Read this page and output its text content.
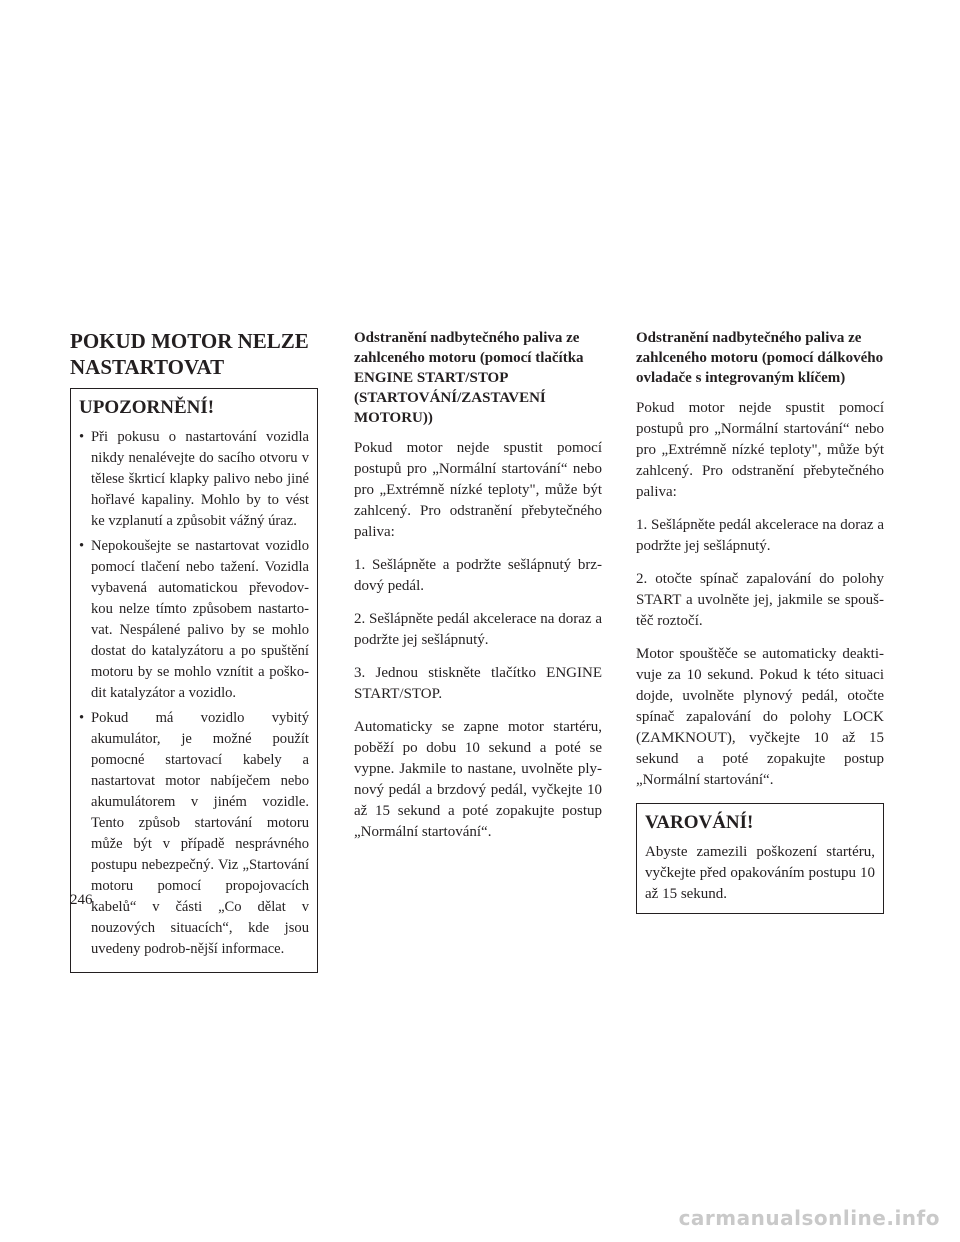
POKUD MOTOR NELZE
NASTARTOVAT
UPOZORNĚNÍ!
• Při pokusu o nastartování vozidla nikdy nenalévejte do sacího otvoru v tělese škrticí klapky palivo nebo jiné hořlavé kapaliny. Mohlo by to vést ke vzplanutí a způsobit vážný úraz.
• Nepokoušejte se nastartovat vozidlo pomocí tlačení nebo tažení. Vozidla vybavená automatickou převodov-kou nelze tímto způsobem nastarto-vat. Nespálené palivo by se mohlo dostat do katalyzátoru a po spuštění motoru by se mohlo vznítit a poško-dit katalyzátor a vozidlo.
• Pokud má vozidlo vybitý akumulátor, je možné použít pomocné startovací kabely a nastartovat motor nabíječem nebo akumulátorem v jiném vozidle. Tento způsob startování motoru může být v případě nesprávného postupu nebezpečný. Viz „Startování motoru pomocí propojovacích kabelů“ v části „Co dělat v nouzových situacích“, kde jsou uvedeny podrob-nější informace.
Odstranění nadbytečného paliva ze
zahlceného motoru (pomocí tlačítka
ENGINE START/STOP
(STARTOVÁNÍ/ZASTAVENÍ
MOTORU))

Pokud motor nejde spustit pomocí postupů pro „Normální startování“ nebo pro „Extrémně nízké teploty", může být zahlcený. Pro odstranění přebytečného paliva:

1. Sešlápněte a podržte sešlápnutý brz-dový pedál.

2. Sešlápněte pedál akcelerace na doraz a podržte jej sešlápnutý.

3. Jednou stiskněte tlačítko ENGINE START/STOP.

Automaticky se zapne motor startéru, poběží po dobu 10 sekund a poté se vypne. Jakmile to nastane, uvolněte ply-nový pedál a brzdový pedál, vyčkejte 10 až 15 sekund a poté zopakujte postup „Normální startování“.

Odstranění nadbytečného paliva ze
zahlceného motoru (pomocí dálkového
ovladače s integrovaným klíčem)

Pokud motor nejde spustit pomocí postupů pro „Normální startování“ nebo pro „Extrémně nízké teploty", může být zahlcený. Pro odstranění přebytečného paliva:

1. Sešlápněte pedál akcelerace na doraz a podržte jej sešlápnutý.

2. otočte spínač zapalování do polohy START a uvolněte jej, jakmile se spouš-těč roztočí.

Motor spouštěče se automaticky deakti-vuje za 10 sekund. Pokud k této situaci dojde, uvolněte plynový pedál, otočte spínač zapalování do polohy LOCK (ZAMKNOUT), vyčkejte 10 až 15 sekund a poté zopakujte postup „Normální startování“.

VAROVÁNÍ!

Abyste zamezili poškození startéru, vyčkejte před opakováním postupu 10 až 15 sekund.

246
carmanualsonline.info
